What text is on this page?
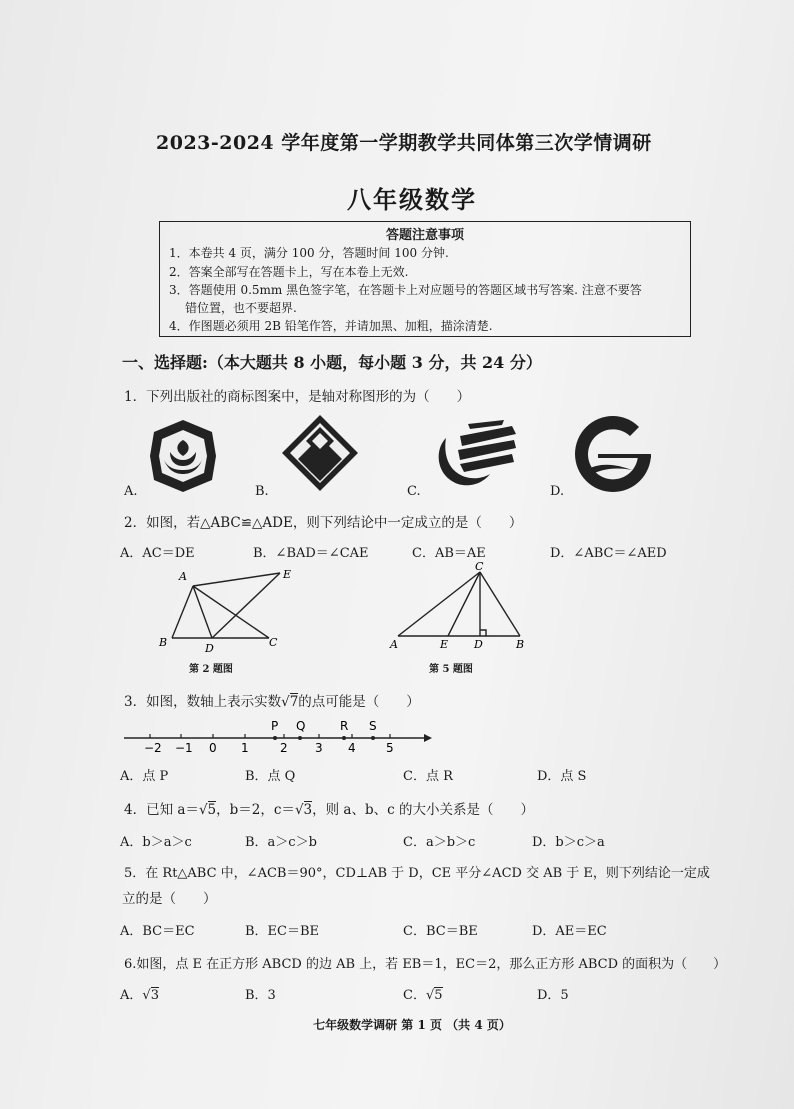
2023-2024 学年度第一学期教学共同体第三次学情调研
八年级数学
答题注意事项
1．本卷共 4 页，满分 100 分，答题时间 100 分钟.
2．答案全部写在答题卡上，写在本卷上无效.
3．答题使用 0.5mm 黑色签字笔，在答题卡上对应题号的答题区域书写答案. 注意不要答
错位置，也不要超界.
4．作图题必须用 2B 铅笔作答，并请加黑、加粗，描涂清楚.
一、选择题:（本大题共 8 小题，每小题 3 分，共 24 分）
1．下列出版社的商标图案中，是轴对称图形的为（　　）
A.	B.	C.	D.
2．如图，若△ABC≌△ADE，则下列结论中一定成立的是（　　）
A．AC＝DE	B．∠BAD＝∠CAE	C．AB＝AE	D．∠ABC＝∠AED
A	E
B	D	C
第 2 题图
C
A	E D	B
第 5 题图
3．如图，数轴上表示实数√7的点可能是（　　）
−2 −1 0 1	2 3 4	5
P Q	R S
A．点 P	B．点 Q	C．点 R	D．点 S
4．已知 a＝√5，b＝2，c＝√3，则 a、b、c 的大小关系是（　　）
A．b＞a＞c	B．a＞c＞b	C．a＞b＞c	D．b＞c＞a
5．在 Rt△ABC 中，∠ACB＝90°，CD⊥AB 于 D，CE 平分∠ACD 交 AB 于 E，则下列结论一定成
立的是（　　）
A．BC＝EC	B．EC＝BE	C．BC＝BE	D．AE＝EC
6.如图，点 E 在正方形 ABCD 的边 AB 上，若 EB＝1，EC＝2，那么正方形 ABCD 的面积为（　　）
A．√3	B．3	C．√5	D．5
七年级数学调研 第 1 页 （共 4 页）
